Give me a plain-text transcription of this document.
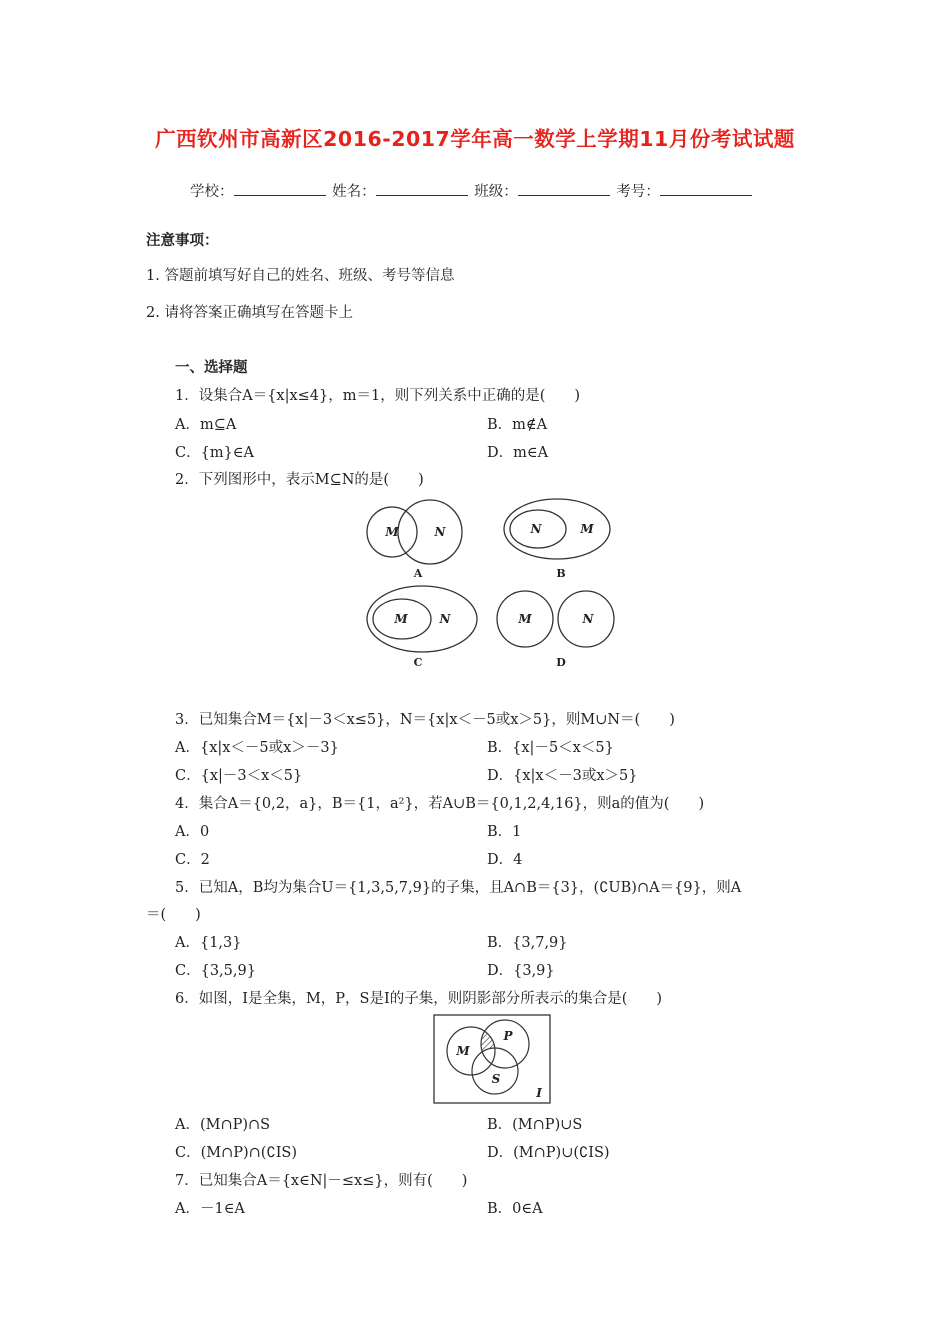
广西钦州市高新区2016-2017学年高一数学上学期11月份考试试题
学校：	姓名：	班级：	考号：
注意事项：
1. 答题前填写好自己的姓名、班级、考号等信息
2. 请将答案正确填写在答题卡上
一、选择题
1．设集合A＝{x|x≤4}，m＝1，则下列关系中正确的是(　　)
A．m⊆A	B．m∉A
C．{m}∈A	D．m∈A
2．下列图形中，表示M⊆N的是(　　)
M	N	N	M
M	N	M	N
A	B
C	D
3．已知集合M＝{x|－3＜x≤5}，N＝{x|x＜－5或x＞5}，则M∪N＝(　　)
A．{x|x＜－5或x＞－3}	B．{x|－5＜x＜5}
C．{x|－3＜x＜5}	D．{x|x＜－3或x＞5}
4．集合A＝{0,2，a}，B＝{1，a²}，若A∪B＝{0,1,2,4,16}，则a的值为(　　)
A．0	B．1
C．2	D．4
5．已知A，B均为集合U＝{1,3,5,7,9}的子集，且A∩B＝{3}，(∁UB)∩A＝{9}，则A
＝(　　)
A．{1,3}	B．{3,7,9}
C．{3,5,9}	D．{3,9}
6．如图，I是全集，M，P，S是I的子集，则阴影部分所表示的集合是(　　)
M
P
S
I
A．(M∩P)∩S	B．(M∩P)∪S
C．(M∩P)∩(∁IS)	D．(M∩P)∪(∁IS)
7．已知集合A＝{x∈N|－≤x≤}，则有(　　)
A．－1∈A	B．0∈A
